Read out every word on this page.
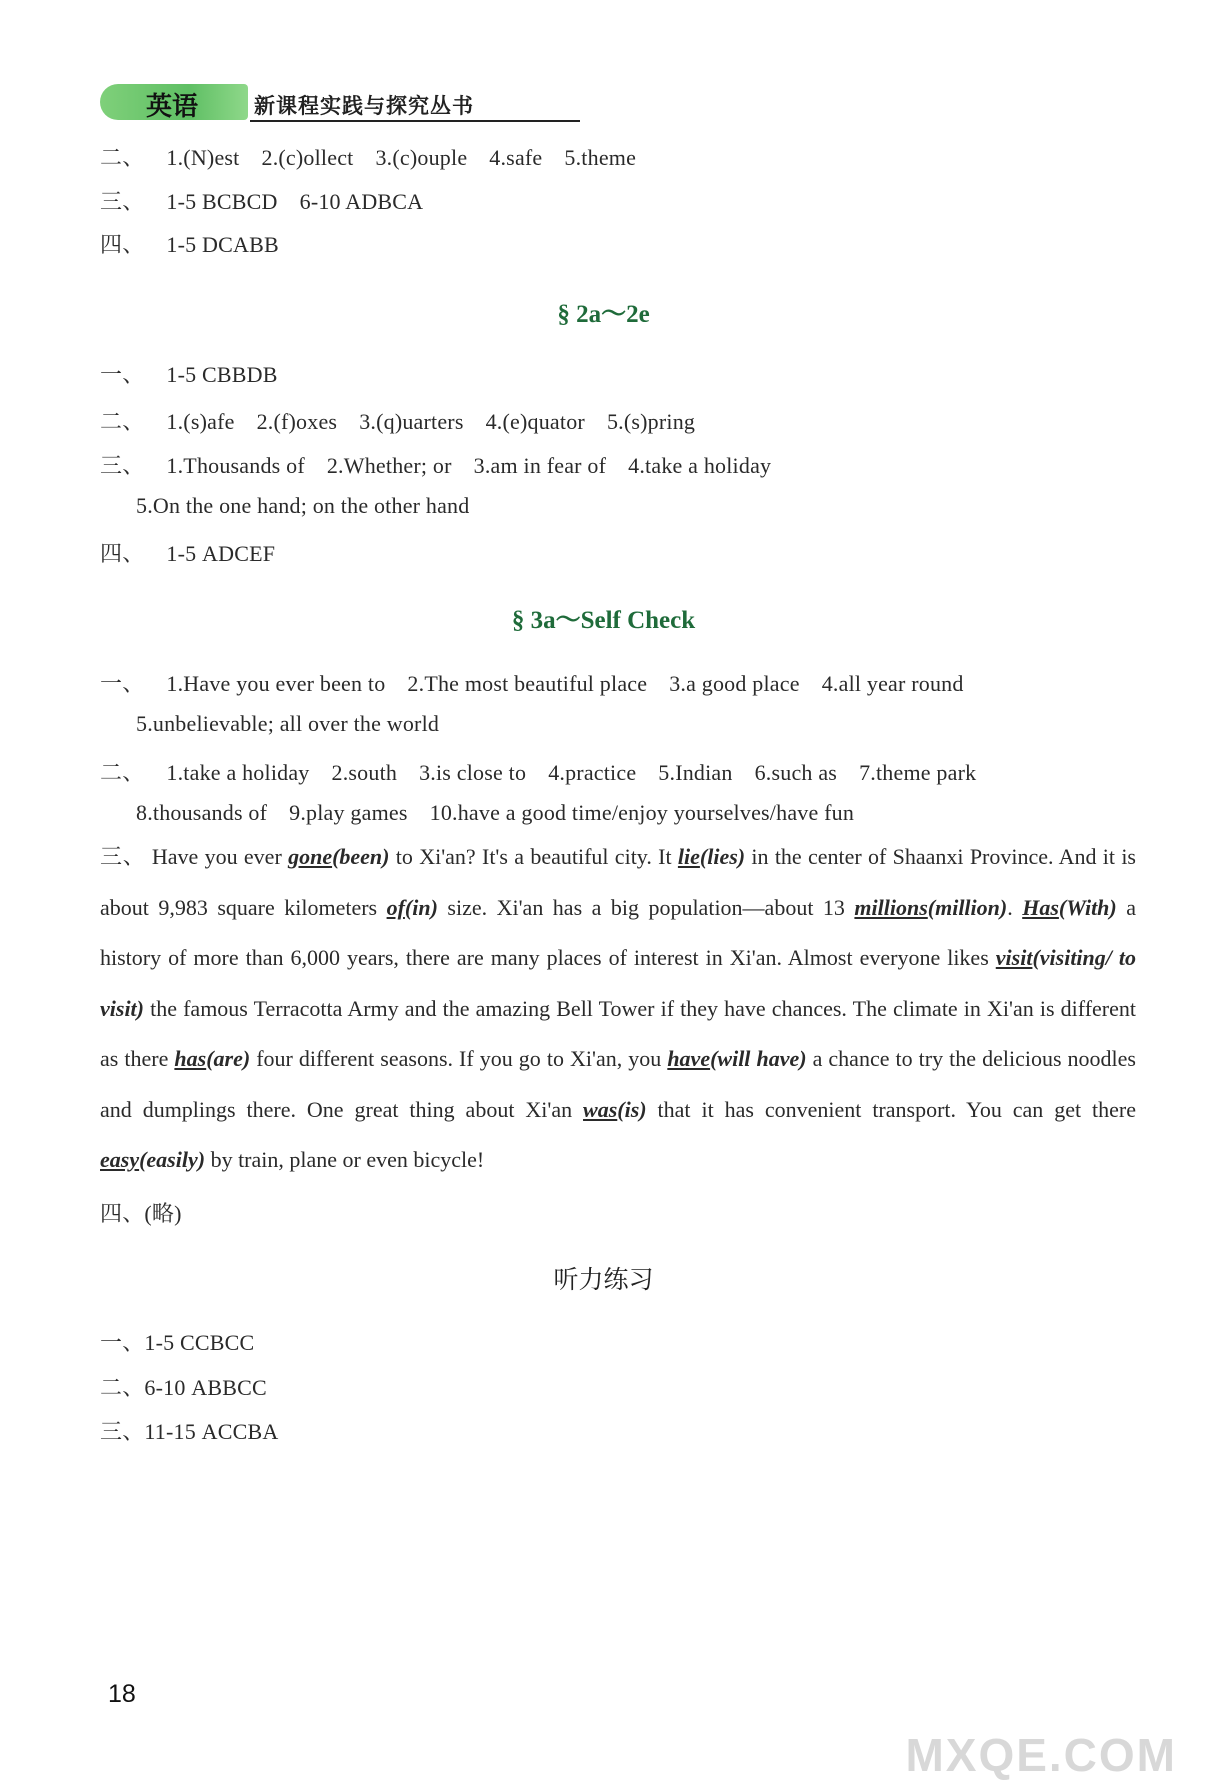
英语	新课程实践与探究丛书
二、 1.(N)est 2.(c)ollect 3.(c)ouple 4.safe 5.theme
三、 1-5 BCBCD 6-10 ADBCA
四、 1-5 DCABB
§ 2a～2e
一、 1-5 CBBDB
二、 1.(s)afe 2.(f)oxes 3.(q)uarters 4.(e)quator 5.(s)pring
三、 1.Thousands of 2.Whether; or 3.am in fear of 4.take a holiday
5.On the one hand; on the other hand
四、 1-5 ADCEF
§ 3a～Self Check
一、 1.Have you ever been to 2.The most beautiful place 3.a good place 4.all year round
5.unbelievable; all over the world
二、 1.take a holiday 2.south 3.is close to 4.practice 5.Indian 6.such as 7.theme park
8.thousands of 9.play games 10.have a good time/enjoy yourselves/have fun
三、 Have you ever gone(been) to Xi'an? It's a beautiful city. It lie(lies) in the center of Shaanxi Province. And it is about 9,983 square kilometers of(in) size. Xi'an has a big population—about 13 millions(million). Has(With) a history of more than 6,000 years, there are many places of interest in Xi'an. Almost everyone likes visit(visiting/ to visit) the famous Terracotta Army and the amazing Bell Tower if they have chances. The climate in Xi'an is different as there has(are) four different seasons. If you go to Xi'an, you have(will have) a chance to try the delicious noodles and dumplings there. One great thing about Xi'an was(is) that it has convenient transport. You can get there easy(easily) by train, plane or even bicycle!
四、(略)
听力练习
一、1-5 CCBCC
二、6-10 ABBCC
三、11-15 ACCBA
18
MXQE.COM
